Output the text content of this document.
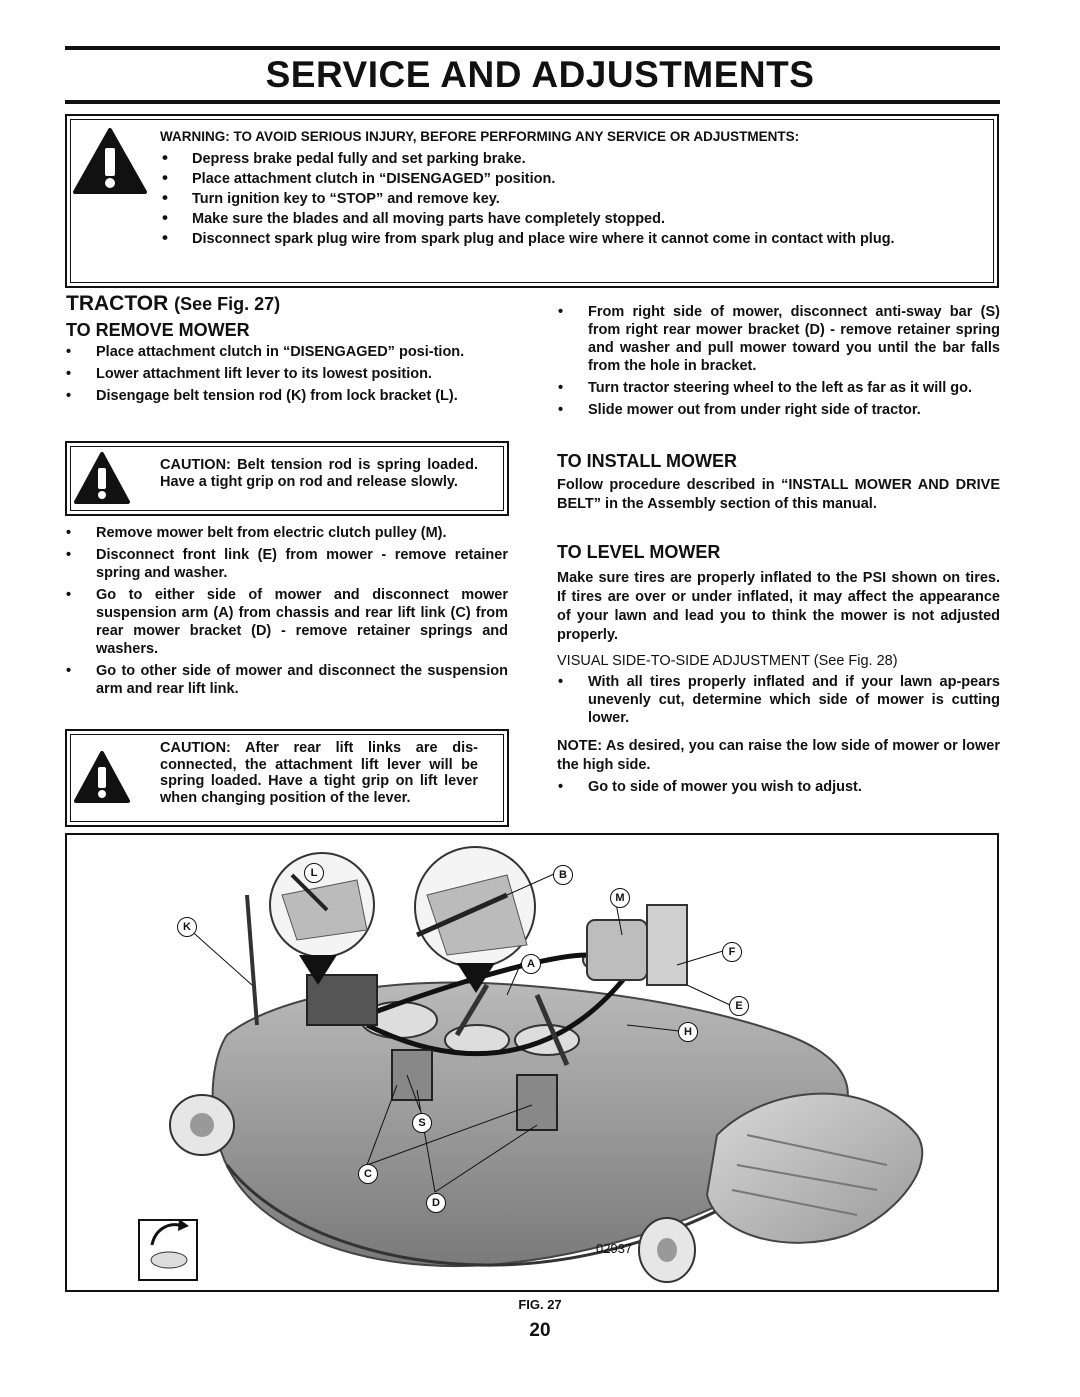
SERVICE AND ADJUSTMENTS
WARNING: TO AVOID SERIOUS INJURY, BEFORE PERFORMING ANY SERVICE OR ADJUSTMENTS:
• Depress brake pedal fully and set parking brake.
• Place attachment clutch in “DISENGAGED” position.
• Turn ignition key to “STOP” and remove key.
• Make sure the blades and all moving parts have completely stopped.
• Disconnect spark plug wire from spark plug and place wire where it cannot come in contact with plug.
TRACTOR (See Fig. 27)
TO REMOVE MOWER
• Place attachment clutch in “DISENGAGED” posi-tion.
• Lower attachment lift lever to its lowest position.
• Disengage belt tension rod (K) from lock bracket (L).
CAUTION: Belt tension rod is spring loaded. Have a tight grip on rod and release slowly.
• Remove mower belt from electric clutch pulley (M).
• Disconnect front link (E) from mower - remove retainer spring and washer.
• Go to either side of mower and disconnect mower suspension arm (A) from chassis and rear lift link (C) from rear mower bracket (D) - remove retainer springs and washers.
• Go to other side of mower and disconnect the suspension arm and rear lift link.
CAUTION: After rear lift links are dis-connected, the attachment lift lever will be spring loaded. Have a tight grip on lift lever when changing position of the lever.
• From right side of mower, disconnect anti-sway bar (S) from right rear mower bracket (D) - remove retainer spring and washer and pull mower toward you until the bar falls from the hole in bracket.
• Turn tractor steering wheel to the left as far as it will go.
• Slide mower out from under right side of tractor.
TO INSTALL MOWER
Follow procedure described in “INSTALL MOWER AND DRIVE BELT” in the Assembly section of this manual.
TO LEVEL MOWER
Make sure tires are properly inflated to the PSI shown on tires. If tires are over or under inflated, it may affect the appearance of your lawn and lead you to think the mower is not adjusted properly.
VISUAL SIDE-TO-SIDE ADJUSTMENT (See Fig. 28)
• With all tires properly inflated and if your lawn ap-pears unevenly cut, determine which side of mower is cutting lower.
NOTE: As desired, you can raise the low side of mower or lower the high side.
• Go to side of mower you wish to adjust.
L
K
B
M
F
A
E
H
S
C
D
02937
FIG. 27
20
